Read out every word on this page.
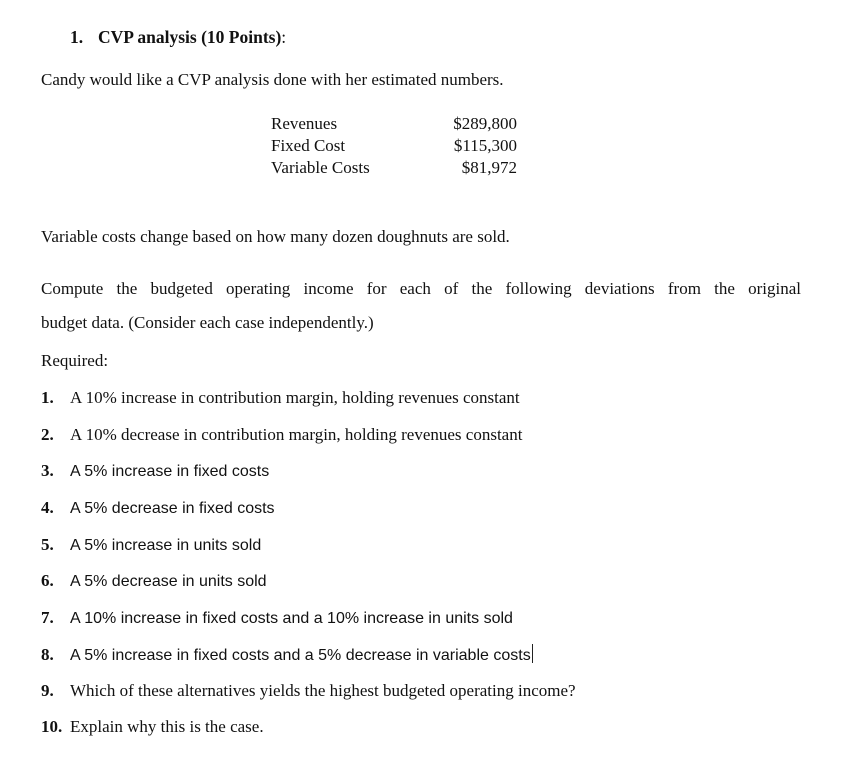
1. CVP analysis (10 Points):
Candy would like a CVP analysis done with her estimated numbers.
Revenues	$289,800
Fixed Cost	$115,300
Variable Costs	$81,972
Variable costs change based on how many dozen doughnuts are sold.
Compute the budgeted operating income for each of the following deviations from the original
budget data. (Consider each case independently.)
Required:
1. A 10% increase in contribution margin, holding revenues constant
2. A 10% decrease in contribution margin, holding revenues constant
3. A 5% increase in fixed costs
4. A 5% decrease in fixed costs
5. A 5% increase in units sold
6. A 5% decrease in units sold
7. A 10% increase in fixed costs and a 10% increase in units sold
8. A 5% increase in fixed costs and a 5% decrease in variable costs
9. Which of these alternatives yields the highest budgeted operating income?
10. Explain why this is the case.
